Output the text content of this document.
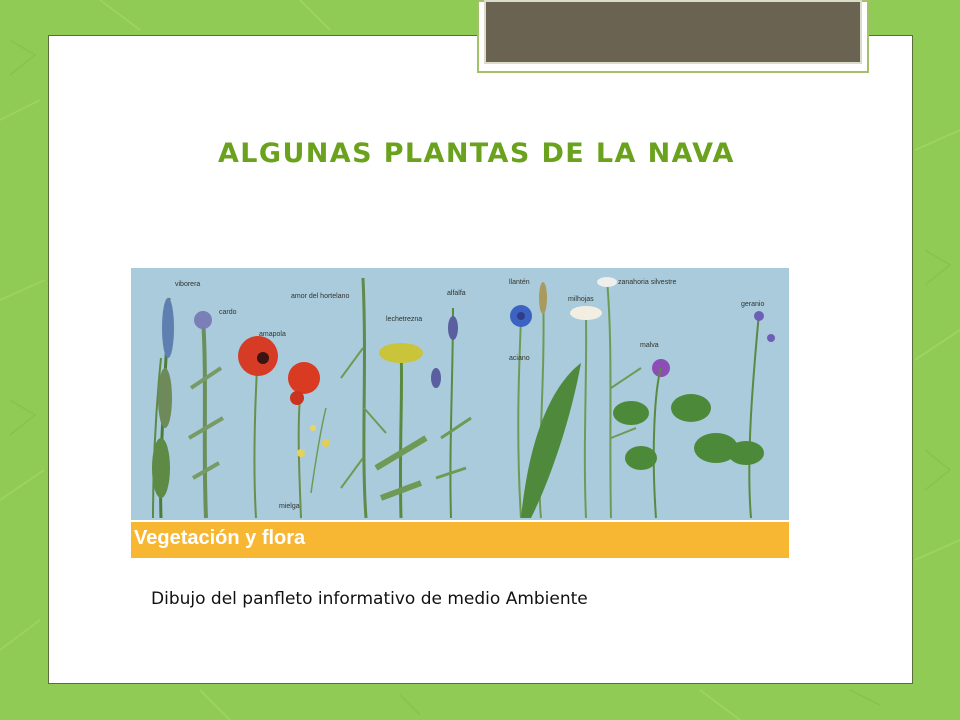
ALGUNAS PLANTAS DE LA NAVA
viborera
cardo
amor del hortelano
amapola
lechetrezna
alfalfa
llantén
aciano
milhojas
zanahoria silvestre
malva
geranio
mielga
Vegetación y flora
Dibujo del panfleto informativo de medio Ambiente
